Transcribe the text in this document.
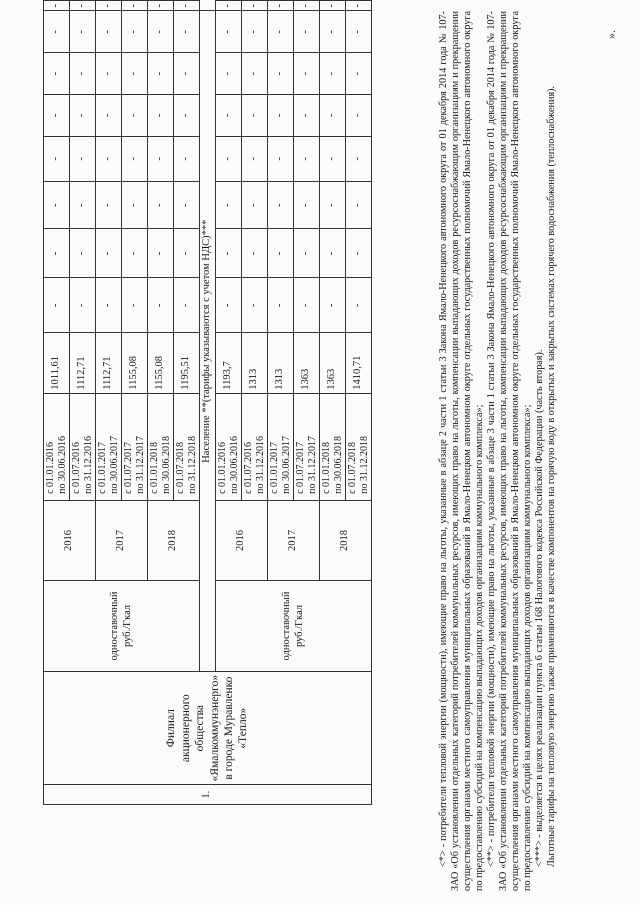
1.	Филиал акционерного общества «Ямалкоммунэнерго» в городе Муравленко «Тепло»	одноставочный руб./Гкал	2016	с 01.01.2016 по 30.06.2016	1011,61	-	-	-	-	-	-	-	-

				с 01.07.2016 по 31.12.2016	1112,71	-	-	-	-	-	-	-	-
			2017	с 01.01.2017 по 30.06.2017	1112,71	-	-	-	-	-	-	-	-

				с 01.07.2017 по 31.12.2017	1155,08	-	-	-	-	-	-	-	-
			2018	с 01.01.2018 по 30.06.2018	1155,08	-	-	-	-	-	-	-	-

				с 01.07.2018 по 31.12.2018	1195,51	-	-	-	-	-	-	-	-
		Население **(тарифы указываются с учетом НДС)***											
		одноставочный руб./Гкал	2016	с 01.01.2016 по 30.06.2016	1193,7	-	-	-	-	-	-	-	-

				с 01.07.2016 по 31.12.2016	1313	-	-	-	-	-	-	-	-
			2017	с 01.01.2017 по 30.06.2017	1313	-	-	-	-	-	-	-	-

				с 01.07.2017 по 31.12.2017	1363	-	-	-	-	-	-	-	-
			2018	с 01.01.2018 по 30.06.2018	1363	-	-	-	-	-	-	-	-

				с 01.07.2018 по 31.12.2018	1410,71	-	-	-	-	-	-	-	-

<*> - потребители тепловой энергии (мощности), имеющие право на льготы, указанные в абзаце 2 части 1 статьи 3 Закона Ямало-Ненецкого автономного округа от 01 декабря 2014 года № 107-ЗАО «Об установлении отдельных категорий потребителей коммунальных ресурсов, имеющих право на льготы, компенсации выпадающих доходов ресурсоснабжающим организациям и прекращении осуществления органами местного самоуправления муниципальных образований в Ямало-Ненецком автономном округе отдельных государственных полномочий Ямало-Ненецкого автономного округа по предоставлению субсидий на компенсацию выпадающих доходов организациям коммунального комплекса»; <**> - потребители тепловой энергии (мощности), имеющие право на льготы, указанные в абзаце 3 части 1 статьи 3 Закона Ямало-Ненецкого автономного округа от 01 декабря 2014 года № 107-ЗАО «Об установлении отдельных категорий потребителей коммунальных ресурсов, имеющих право на льготы, компенсации выпадающих доходов ресурсоснабжающим организациям и прекращении осуществления органами местного самоуправления муниципальных образований в Ямало-Ненецком автономном округе отдельных государственных полномочий Ямало-Ненецкого автономного округа по предоставлению субсидий на компенсацию выпадающих доходов организациям коммунального комплекса»; <***> - выделяется в целях реализации пункта 6 статьи 168 Налогового кодекса Российской Федерации (часть вторая). Льготные тарифы на тепловую энергию также применяются в качестве компонентов на горячую воду в открытых и закрытых системах горячего водоснабжения (теплоснабжения).

».
